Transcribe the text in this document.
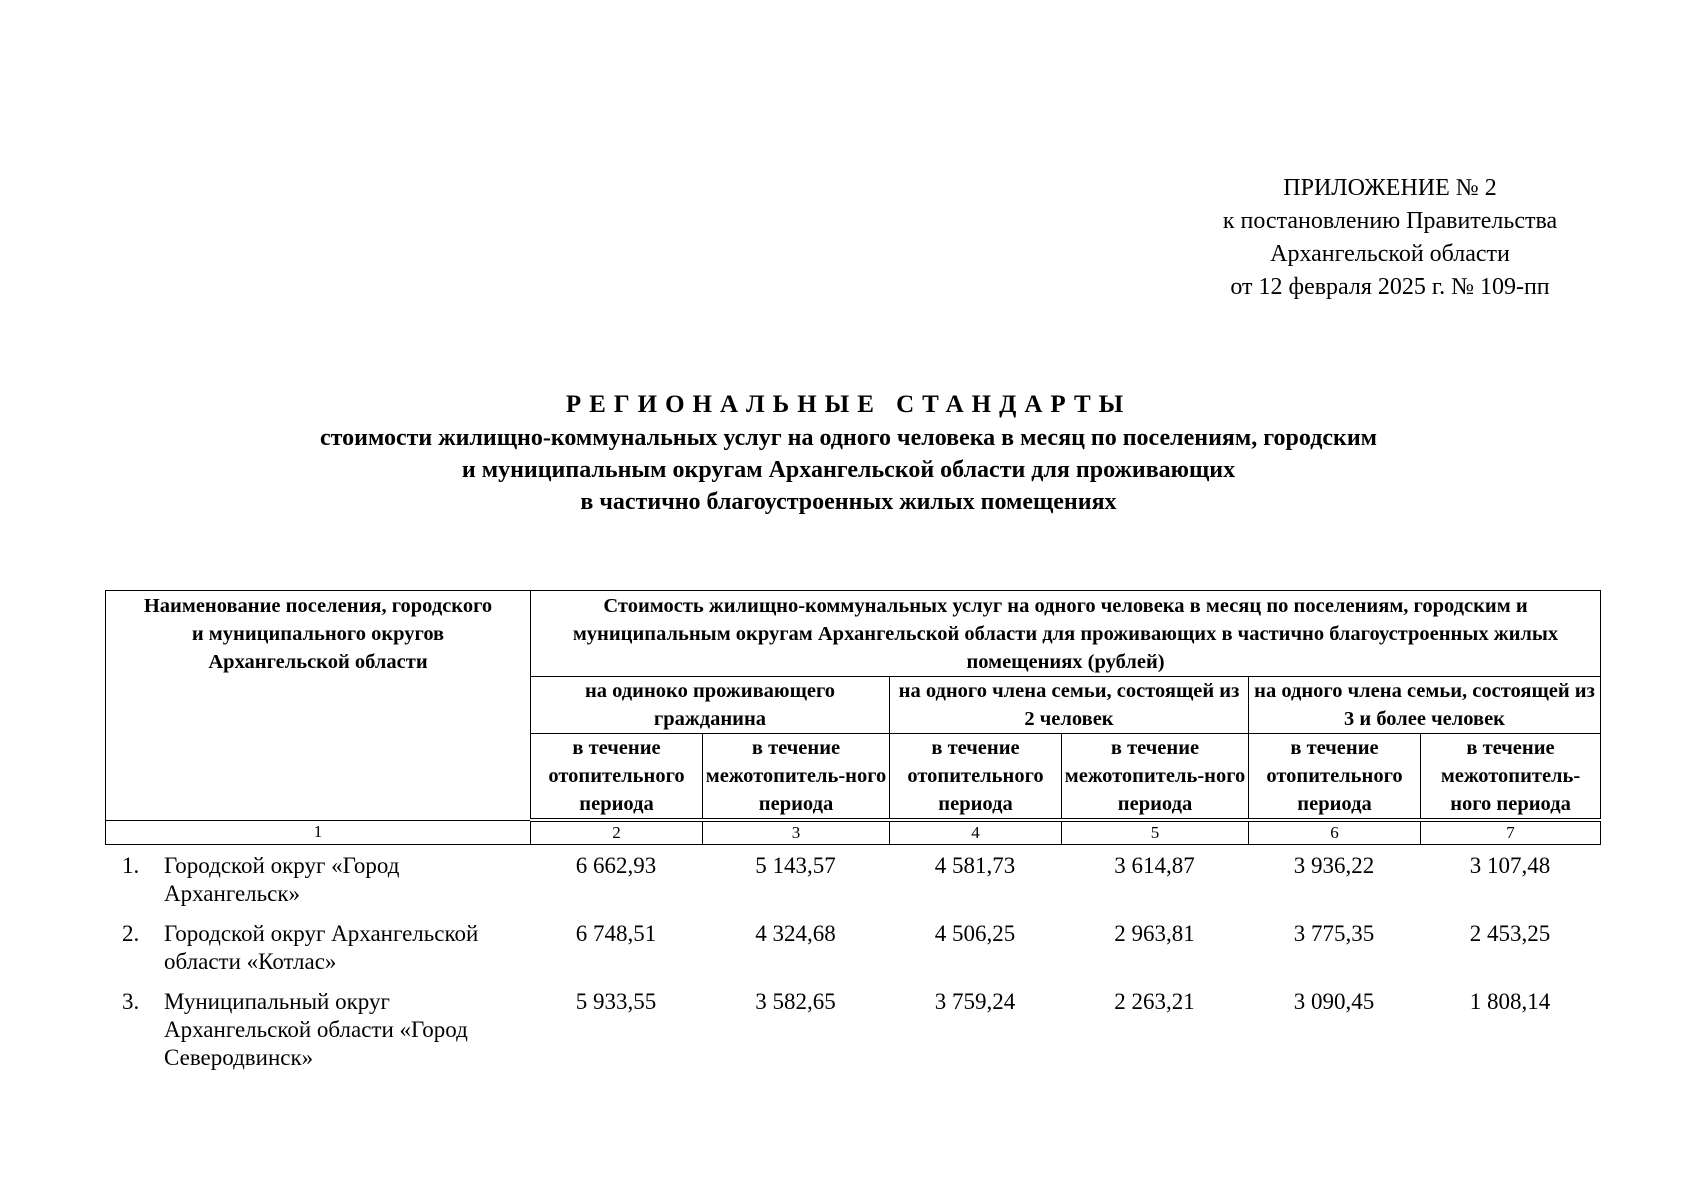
ПРИЛОЖЕНИЕ № 2
к постановлению Правительства
Архангельской области
от 12 февраля 2025 г. № 109-пп
РЕГИОНАЛЬНЫЕ СТАНДАРТЫ
стоимости жилищно-коммунальных услуг на одного человека в месяц по поселениям, городским
и муниципальным округам Архангельской области для проживающих
в частично благоустроенных жилых помещениях
Наименование поселения, городского и муниципального округов Архангельской области	Стоимость жилищно-коммунальных услуг на одного человека в месяц по поселениям, городским и муниципальным округам Архангельской области для проживающих в частично благоустроенных жилых помещениях (рублей)					
	на одиноко проживающего гражданина		на одного члена семьи, состоящей из 2 человек		на одного члена семьи, состоящей из 3 и более человек	
	в течение отопительного периода	в течение межотопитель-ного периода	в течение отопительного периода	в течение межотопитель-ного периода	в течение отопительного периода	в течение межотопитель-ного периода
1	2	3	4	5	6	7
1.	Городской округ «Город Архангельск»	6 662,93	5 143,57	4 581,73	3 614,87	3 936,22	3 107,48
2.	Городской округ Архангельской области «Котлас»	6 748,51	4 324,68	4 506,25	2 963,81	3 775,35	2 453,25
3.	Муниципальный округ Архангельской области «Город Северодвинск»	5 933,55	3 582,65	3 759,24	2 263,21	3 090,45	1 808,14
